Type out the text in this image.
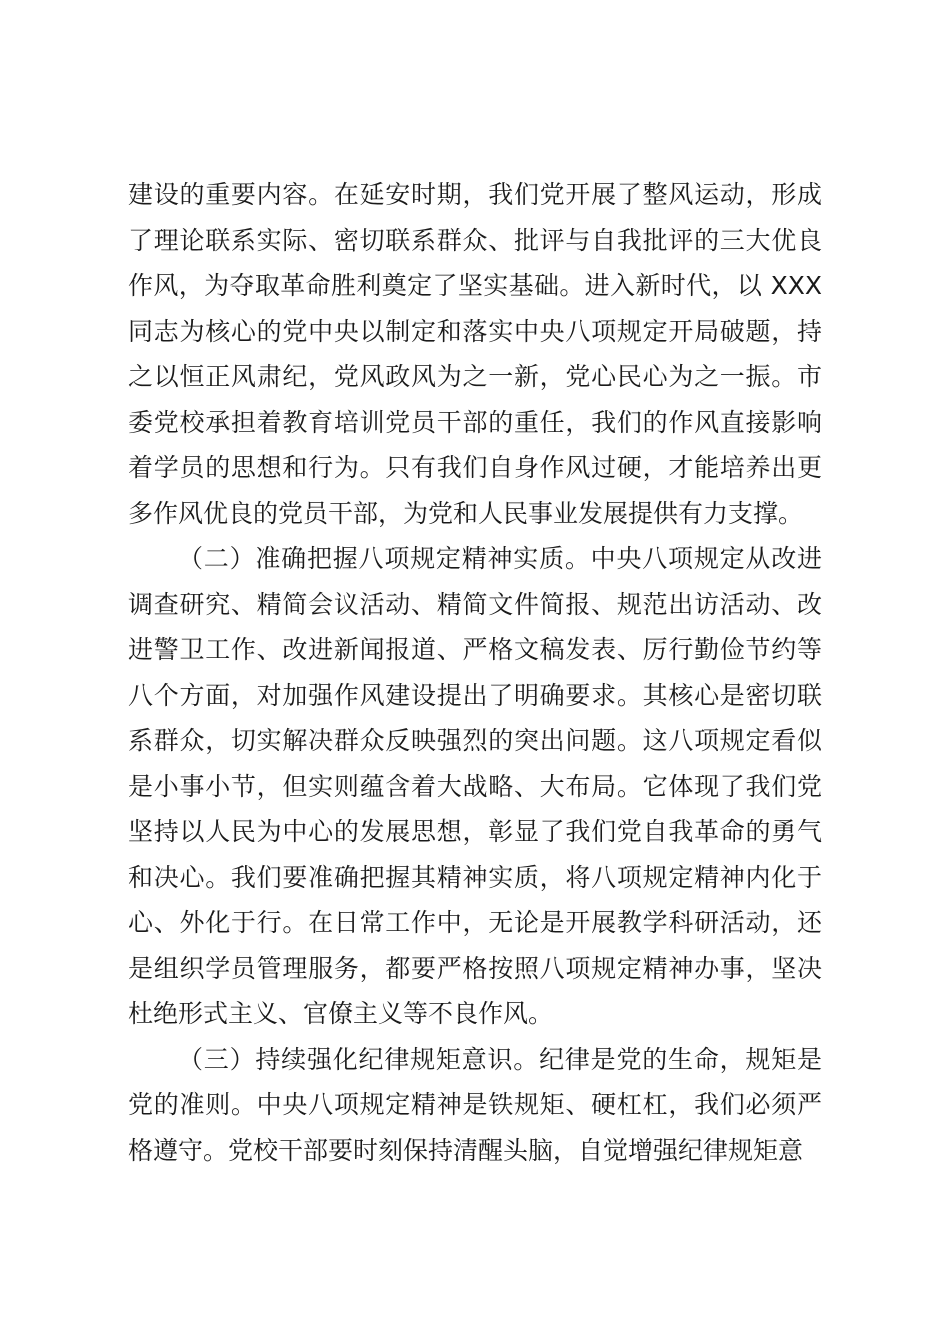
建设的重要内容。在延安时期，我们党开展了整风运动，形成了理论联系实际、密切联系群众、批评与自我批评的三大优良作风，为夺取革命胜利奠定了坚实基础。进入新时代，以 XXX 同志为核心的党中央以制定和落实中央八项规定开局破题，持之以恒正风肃纪，党风政风为之一新，党心民心为之一振。市委党校承担着教育培训党员干部的重任，我们的作风直接影响着学员的思想和行为。只有我们自身作风过硬，才能培养出更多作风优良的党员干部，为党和人民事业发展提供有力支撑。

（二）准确把握八项规定精神实质。中央八项规定从改进调查研究、精简会议活动、精简文件简报、规范出访活动、改进警卫工作、改进新闻报道、严格文稿发表、厉行勤俭节约等八个方面，对加强作风建设提出了明确要求。其核心是密切联系群众，切实解决群众反映强烈的突出问题。这八项规定看似是小事小节，但实则蕴含着大战略、大布局。它体现了我们党坚持以人民为中心的发展思想，彰显了我们党自我革命的勇气和决心。我们要准确把握其精神实质，将八项规定精神内化于心、外化于行。在日常工作中，无论是开展教学科研活动，还是组织学员管理服务，都要严格按照八项规定精神办事，坚决杜绝形式主义、官僚主义等不良作风。

（三）持续强化纪律规矩意识。纪律是党的生命，规矩是党的准则。中央八项规定精神是铁规矩、硬杠杠，我们必须严格遵守。党校干部要时刻保持清醒头脑，自觉增强纪律规矩意
